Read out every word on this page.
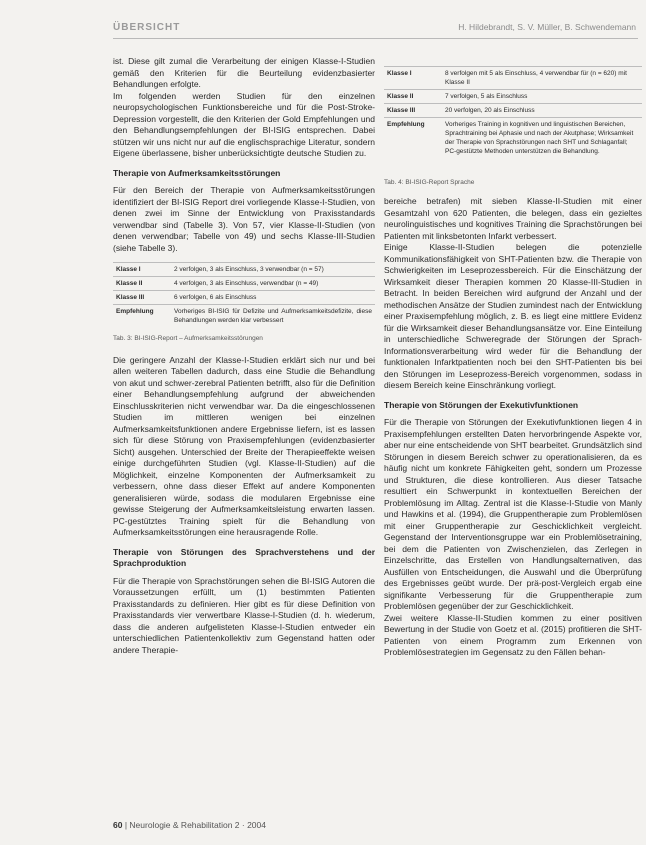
ÜBERSICHT	H. Hildebrandt, S. V. Müller, B. Schwendemann

ist. Diese gilt zumal die Verarbeitung der einigen Klasse-I-Studien gemäß den Kriterien für die Beurteilung evidenzbasierter Behandlungen erfolgte.

Im folgenden werden Studien für den einzelnen neuropsychologischen Funktionsbereiche und für die Post-Stroke-Depression vorgestellt, die den Kriterien der Gold Empfehlungen und den Behandlungsempfehlungen der BI-ISIG entsprechen. Dabei stützen wir uns nicht nur auf die englischsprachige Literatur, sondern Eigene überlassene, bisher unberücksichtigte deutsche Studien zu.

Therapie von Aufmerksamkeitsstörungen

Für den Bereich der Therapie von Aufmerksamkeitsstörungen identifiziert der BI-ISIG Report drei vorliegende Klasse-I-Studien, von denen zwei im Sinne der Entwicklung von Praxisstandards verwendbar sind (Tabelle 3). Von 57, vier Klasse-II-Studien (von denen verwendbar; Tabelle von 49) und sechs Klasse-III-Studien (siehe Tabelle 3).

Klasse I	2 verfolgen, 3 als Einschluss, 3 verwendbar (n = 57)
Klasse II	4 verfolgen, 3 als Einschluss, verwendbar (n = 49)
Klasse III	6 verfolgen, 6 als Einschluss
Empfehlung	Vorheriges BI-ISIG für Defizite und Aufmerksamkeitsdefizite, diese Behandlungen werden klar verbessert
Tab. 3: BI-ISIG-Report – Aufmerksamkeitsstörungen

Die geringere Anzahl der Klasse-I-Studien erklärt sich nur und bei allen weiteren Tabellen dadurch, dass eine Studie die Behandlung von akut und schwer-zerebral Patienten betrifft, also für die Definition einer Behandlungsempfehlung aufgrund der abweichenden Einschlusskriterien nicht verwendbar war. Da die eingeschlossenen Studien im mittleren wenigen bei einzelnen Aufmerksamkeitsfunktionen andere Ergebnisse liefern, ist es lassen sich für diese Störung von Praxisempfehlungen (evidenzbasierter Sicht) ausgehen. Unterschied der Breite der Therapieeffekte weisen einige durchgeführten Studien (vgl. Klasse-II-Studien) auf die Möglichkeit, einzelne Komponenten der Aufmerksamkeit zu verbessern, ohne dass dieser Effekt auf andere Komponenten generalisieren würde, sodass die modularen Ergebnisse eine gewisse Steigerung der Aufmerksamkeitsleistung erwarten lassen. PC-gestütztes Training spielt für die Behandlung von Aufmerksamkeitsstörungen eine herausragende Rolle.

Therapie von Störungen des Sprachverstehens und der Sprachproduktion

Für die Therapie von Sprachstörungen sehen die BI-ISIG Autoren die Voraussetzungen erfüllt, um (1) bestimmten Patienten Praxisstandards zu definieren. Hier gibt es für diese Definition von Praxisstandards vier verwertbare Klasse-I-Studien (d. h. wiederum, dass die anderen aufgelisteten Klasse-I-Studien entweder ein unterschiedlichen Patientenkollektiv zum Gegenstand hatten oder andere Therapie-

Klasse I	8 verfolgen mit 5 als Einschluss, 4 verwendbar für (n = 620) mit Klasse II
Klasse II	7 verfolgen, 5 als Einschluss
Klasse III	20 verfolgen, 20 als Einschluss
Empfehlung	Vorheriges Training in kognitiven und linguistischen Bereichen, Sprachtraining bei Aphasie und nach der Akutphase; Wirksamkeit der Therapie von Sprachstörungen nach SHT und Schlaganfall; PC-gestützte Methoden unterstützen die Behandlung.
Tab. 4: BI-ISIG-Report Sprache

bereiche betrafen) mit sieben Klasse-II-Studien mit einer Gesamtzahl von 620 Patienten, die belegen, dass ein gezieltes neurolinguistisches und kognitives Training die Sprachstörungen bei Patienten mit linksbetonten Infarkt verbessert.

Einige Klasse-II-Studien belegen die potenzielle Kommunikationsfähigkeit von SHT-Patienten bzw. die Therapie von Schwierigkeiten im Leseprozessbereich. Für die Einschätzung der Wirksamkeit dieser Therapien kommen 20 Klasse-III-Studien in Betracht. In beiden Bereichen wird aufgrund der Anzahl und der methodischen Ansätze der Studien zumindest nach der Entwicklung einer Praxisempfehlung möglich, z. B. es liegt eine mittlere Evidenz für die Wirksamkeit dieser Behandlungsansätze vor. Eine Einteilung in unterschiedliche Schweregrade der Störungen der Sprach-Informationsverarbeitung wird weder für die Behandlung der funktionalen Infarktpatienten noch bei den SHT-Patienten bis bei den Störungen im Leseprozess-Bereich vorgenommen, sodass in diesem Bereich keine Einschränkung vorliegt.

Therapie von Störungen der Exekutivfunktionen

Für die Therapie von Störungen der Exekutivfunktionen liegen 4 in Praxisempfehlungen erstellten Daten hervorbringende Aspekte vor, aber nur eine entscheidende von SHT bearbeitet. Grundsätzlich sind Störungen in diesem Bereich schwer zu operationalisieren, da es häufig nicht um konkrete Fähigkeiten geht, sondern um Prozesse und Strukturen, die diese kontrollieren. Aus dieser Tatsache resultiert ein Schwerpunkt in kontextuellen Bereichen der Problemlösung im Alltag. Zentral ist die Klasse-I-Studie von Manly und Hawkins et al. (1994), die Gruppentherapie zum Problemlösen mit einer Gruppentherapie zur Geschicklichkeit vergleicht. Gegenstand der Interventionsgruppe war ein Problemlösetraining, bei dem die Patienten von Zwischenzielen, das Zerlegen in Einzelschritte, das Erstellen von Handlungsalternativen, das Ausfüllen von Entscheidungen, die Auswahl und die Überprüfung des Ergebnisses geübt wurde. Der prä-post-Vergleich ergab eine signifikante Verbesserung für die Gruppentherapie zum Problemlösen gegenüber der zur Geschicklichkeit.

Zwei weitere Klasse-II-Studien kommen zu einer positiven Bewertung in der Studie von Goetz et al. (2015) profitieren die SHT-Patienten von einem Programm zum Erkennen von Problemlösestrategien im Gegensatz zu den Fällen behan-

60 | Neurologie & Rehabilitation 2 · 2004
